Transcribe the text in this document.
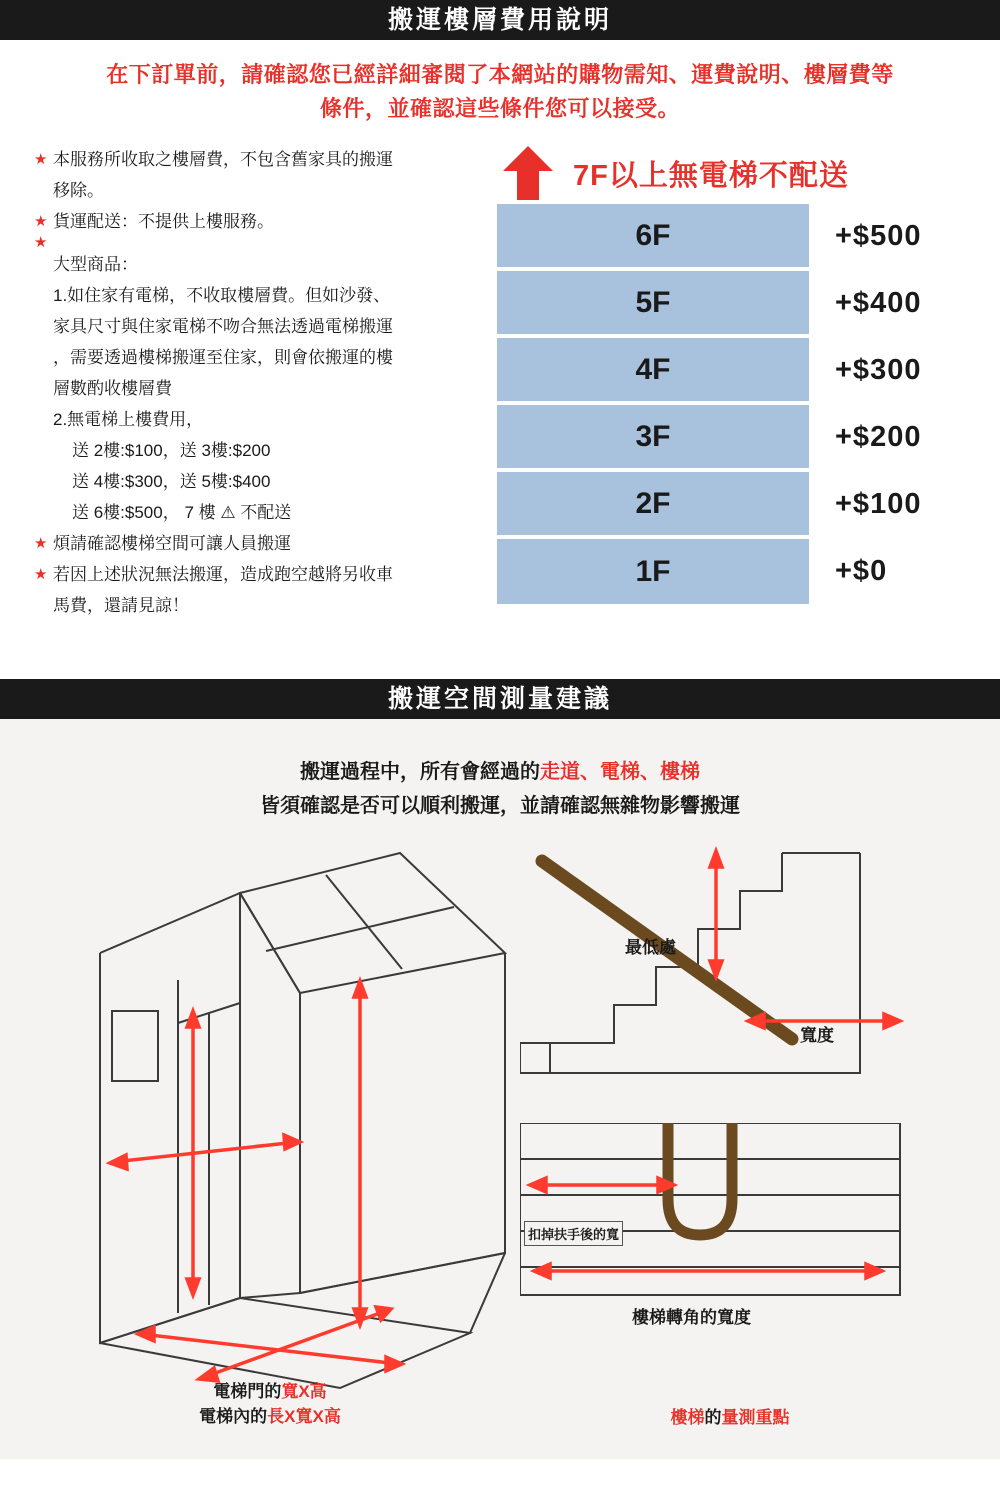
搬運樓層費用說明
在下訂單前，請確認您已經詳細審閱了本網站的購物需知、運費說明、樓層費等
條件，並確認這些條件您可以接受。
★ 本服務所收取之樓層費，不包含舊家具的搬運
移除。
★ 貨運配送：不提供上樓服務。
★
大型商品：
1.如住家有電梯，不收取樓層費。但如沙發、
家具尺寸與住家電梯不吻合無法透過電梯搬運
，需要透過樓梯搬運至住家，則會依搬運的樓
層數酌收樓層費
2.無電梯上樓費用，
送 2樓:$100，送 3樓:$200
送 4樓:$300，送 5樓:$400
送 6樓:$500， 7 樓 ⚠ 不配送
★ 煩請確認樓梯空間可讓人員搬運
★ 若因上述狀況無法搬運，造成跑空越將另收車
馬費，還請見諒！
7F以上無電梯不配送
6F	+$500
5F	+$400
4F	+$300
3F	+$200
2F	+$100
1F	+$0
搬運空間測量建議
搬運過程中，所有會經過的走道、電梯、樓梯
皆須確認是否可以順利搬運，並請確認無雜物影響搬運
電梯門的寬X高
電梯內的長X寬X高
最低處
寬度
扣掉扶手後的寬
樓梯轉角的寬度
樓梯的量測重點
